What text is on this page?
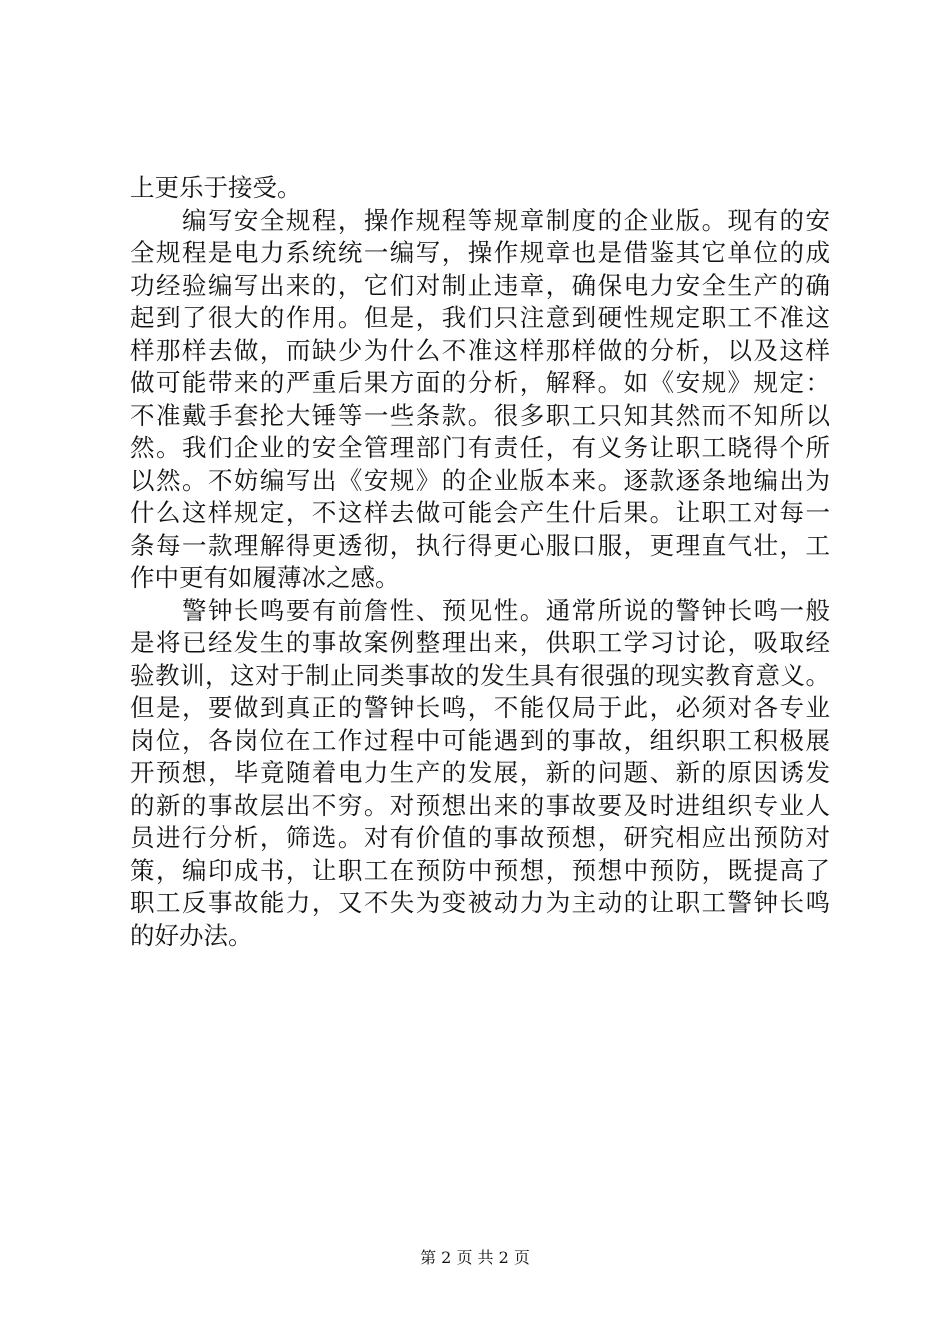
上更乐于接受。
　　编写安全规程，操作规程等规章制度的企业版。现有的安
全规程是电力系统统一编写，操作规章也是借鉴其它单位的成
功经验编写出来的，它们对制止违章，确保电力安全生产的确
起到了很大的作用。但是，我们只注意到硬性规定职工不准这
样那样去做，而缺少为什么不准这样那样做的分析，以及这样
做可能带来的严重后果方面的分析，解释。如《安规》规定：
不准戴手套抡大锤等一些条款。很多职工只知其然而不知所以
然。我们企业的安全管理部门有责任，有义务让职工晓得个所
以然。不妨编写出《安规》的企业版本来。逐款逐条地编出为
什么这样规定，不这样去做可能会产生什后果。让职工对每一
条每一款理解得更透彻，执行得更心服口服，更理直气壮，工
作中更有如履薄冰之感。
　　警钟长鸣要有前詹性、预见性。通常所说的警钟长鸣一般
是将已经发生的事故案例整理出来，供职工学习讨论，吸取经
验教训，这对于制止同类事故的发生具有很强的现实教育意义。
但是，要做到真正的警钟长鸣，不能仅局于此，必须对各专业
岗位，各岗位在工作过程中可能遇到的事故，组织职工积极展
开预想，毕竟随着电力生产的发展，新的问题、新的原因诱发
的新的事故层出不穷。对预想出来的事故要及时进组织专业人
员进行分析，筛选。对有价值的事故预想，研究相应出预防对
策，编印成书，让职工在预防中预想，预想中预防，既提高了
职工反事故能力，又不失为变被动力为主动的让职工警钟长鸣
的好办法。
第 2 页 共 2 页
